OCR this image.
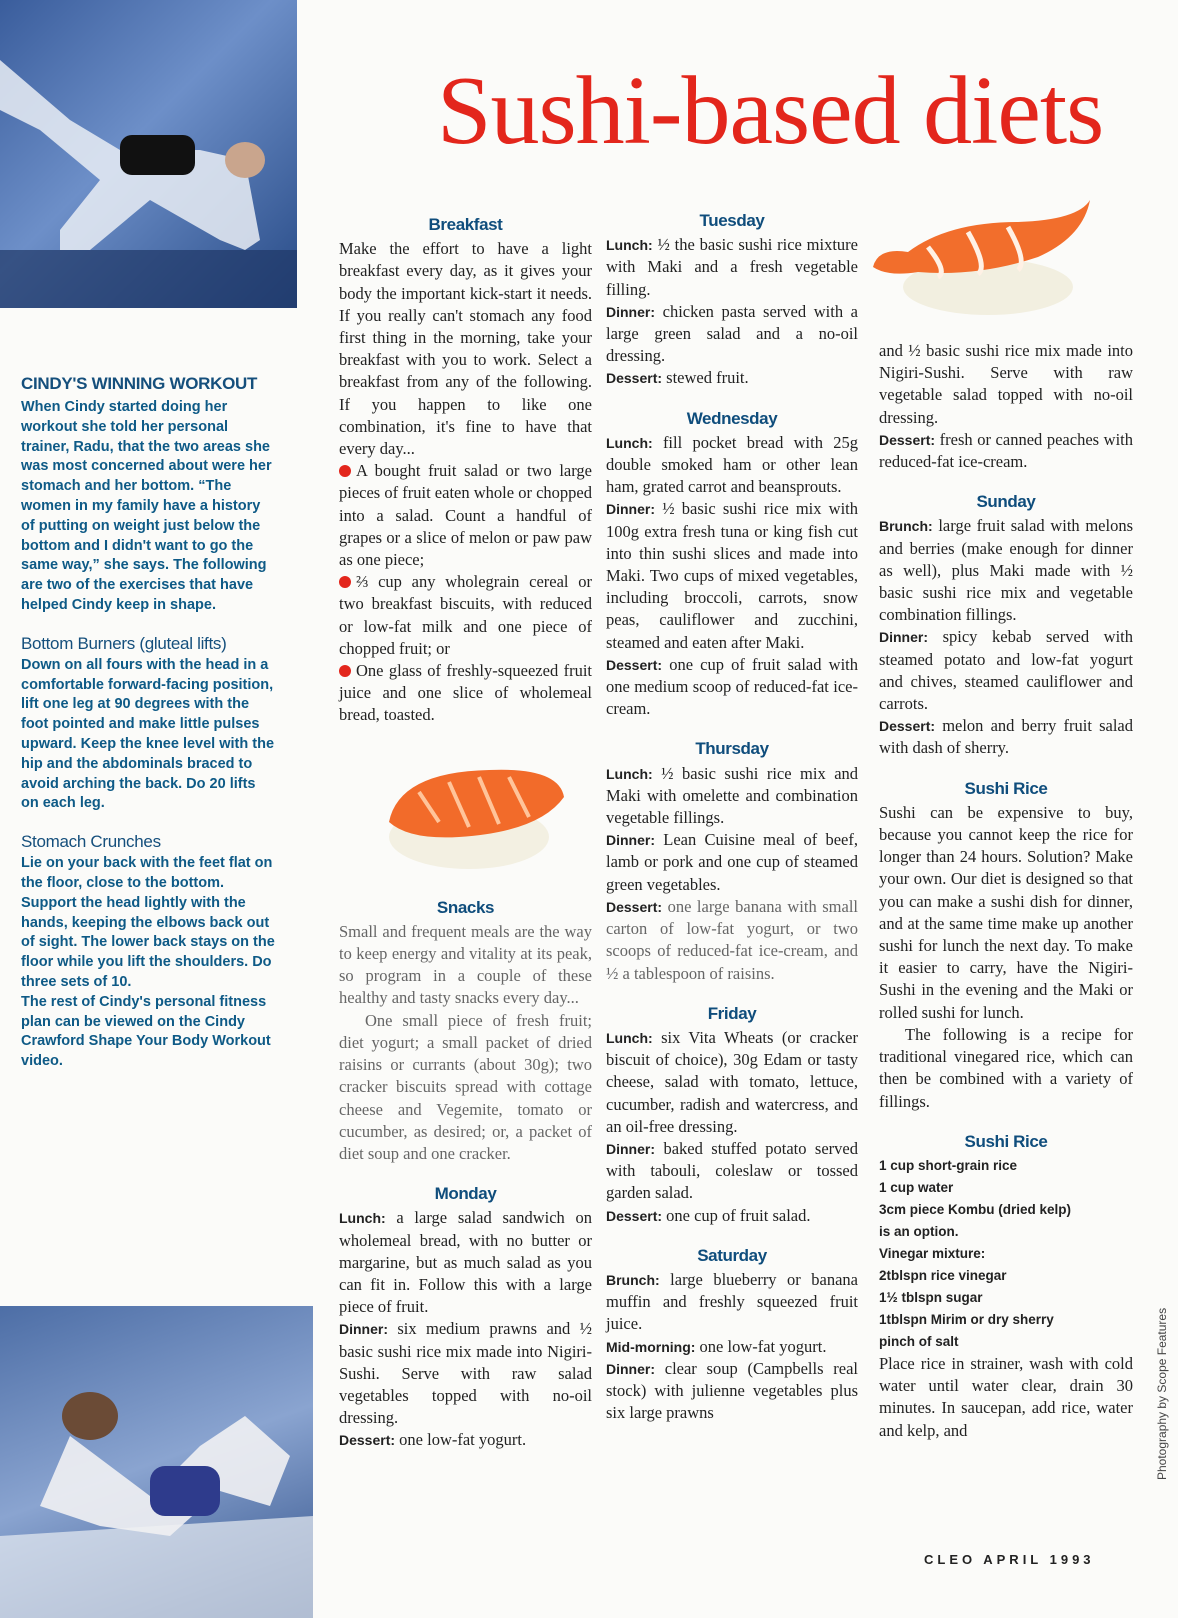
Sushi-based diets
CINDY'S WINNING WORKOUT

When Cindy started doing her workout she told her personal trainer, Radu, that the two areas she was most concerned about were her stomach and her bottom. “The women in my family have a history of putting on weight just below the bottom and I didn't want to go the same way,” she says. The following are two of the exercises that have helped Cindy keep in shape.

Bottom Burners (gluteal lifts)

Down on all fours with the head in a comfortable forward-facing position, lift one leg at 90 degrees with the foot pointed and make little pulses upward. Keep the knee level with the hip and the abdominals braced to avoid arching the back. Do 20 lifts on each leg.

Stomach Crunches

Lie on your back with the feet flat on the floor, close to the bottom. Support the head lightly with the hands, keeping the elbows back out of sight. The lower back stays on the floor while you lift the shoulders. Do three sets of 10.

The rest of Cindy's personal fitness plan can be viewed on the Cindy Crawford Shape Your Body Workout video.

Breakfast

Make the effort to have a light breakfast every day, as it gives your body the important kick-start it needs. If you really can't stomach any food first thing in the morning, take your breakfast with you to work. Select a breakfast from any of the following. If you happen to like one combination, it's fine to have that every day...

A bought fruit salad or two large pieces of fruit eaten whole or chopped into a salad. Count a handful of grapes or a slice of melon or paw paw as one piece;

⅔ cup any wholegrain cereal or two breakfast biscuits, with reduced or low-fat milk and one piece of chopped fruit; or

One glass of freshly-squeezed fruit juice and one slice of wholemeal bread, toasted.

Snacks

Small and frequent meals are the way to keep energy and vitality at its peak, so program in a couple of these healthy and tasty snacks every day...

One small piece of fresh fruit; diet yogurt; a small packet of dried raisins or currants (about 30g); two cracker biscuits spread with cottage cheese and Vegemite, tomato or cucumber, as desired; or, a packet of diet soup and one cracker.

Monday

Lunch: a large salad sandwich on wholemeal bread, with no butter or margarine, but as much salad as you can fit in. Follow this with a large piece of fruit.

Dinner: six medium prawns and ½ basic sushi rice mix made into Nigiri-Sushi. Serve with raw salad vegetables topped with no-oil dressing.

Dessert: one low-fat yogurt.

Tuesday

Lunch: ½ the basic sushi rice mixture with Maki and a fresh vegetable filling.

Dinner: chicken pasta served with a large green salad and a no-oil dressing.

Dessert: stewed fruit.

Wednesday

Lunch: fill pocket bread with 25g double smoked ham or other lean ham, grated carrot and beansprouts.

Dinner: ½ basic sushi rice mix with 100g extra fresh tuna or king fish cut into thin sushi slices and made into Maki. Two cups of mixed vegetables, including broccoli, carrots, snow peas, cauliflower and zucchini, steamed and eaten after Maki.

Dessert: one cup of fruit salad with one medium scoop of reduced-fat ice-cream.

Thursday

Lunch: ½ basic sushi rice mix and Maki with omelette and combination vegetable fillings.

Dinner: Lean Cuisine meal of beef, lamb or pork and one cup of steamed green vegetables.

Dessert: one large banana with small carton of low-fat yogurt, or two scoops of reduced-fat ice-cream, and ½ a tablespoon of raisins.

Friday

Lunch: six Vita Wheats (or cracker biscuit of choice), 30g Edam or tasty cheese, salad with tomato, lettuce, cucumber, radish and watercress, and an oil-free dressing.

Dinner: baked stuffed potato served with tabouli, coleslaw or tossed garden salad.

Dessert: one cup of fruit salad.

Saturday

Brunch: large blueberry or banana muffin and freshly squeezed fruit juice.

Mid-morning: one low-fat yogurt.

Dinner: clear soup (Campbells real stock) with julienne vegetables plus six large prawns

and ½ basic sushi rice mix made into Nigiri-Sushi. Serve with raw vegetable salad topped with no-oil dressing.

Dessert: fresh or canned peaches with reduced-fat ice-cream.

Sunday

Brunch: large fruit salad with melons and berries (make enough for dinner as well), plus Maki made with ½ basic sushi rice mix and vegetable combination fillings.

Dinner: spicy kebab served with steamed potato and low-fat yogurt and chives, steamed cauliflower and carrots.

Dessert: melon and berry fruit salad with dash of sherry.

Sushi Rice

Sushi can be expensive to buy, because you cannot keep the rice for longer than 24 hours. Solution? Make your own. Our diet is designed so that you can make a sushi dish for dinner, and at the same time make up another sushi for lunch the next day. To make it easier to carry, have the Nigiri-Sushi in the evening and the Maki or rolled sushi for lunch.

The following is a recipe for traditional vinegared rice, which can then be combined with a variety of fillings.

Sushi Rice

1 cup short-grain rice

1 cup water

3cm piece Kombu (dried kelp)

is an option.

Vinegar mixture:

2tblspn rice vinegar

1½ tblspn sugar

1tblspn Mirim or dry sherry

pinch of salt

Place rice in strainer, wash with cold water until water clear, drain 30 minutes. In saucepan, add rice, water and kelp, and	Photography by Scope Features
CLEO APRIL 1993
